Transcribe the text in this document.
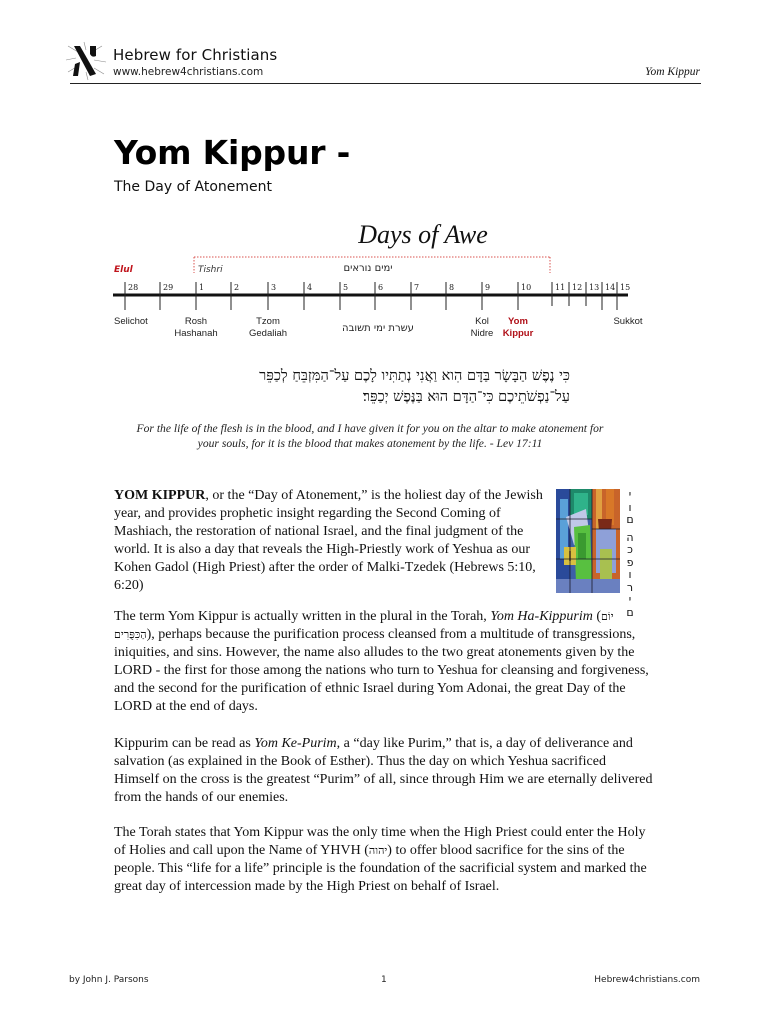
Hebrew for Christians
www.hebrew4christians.com	Yom Kippur
Yom Kippur -
The Day of Atonement
Days of Awe
28	29	1	2	3	4	5	6	7	8	9	10	11 12 13 14 15
Elul	Tishri	ימים נוראים
Selichot	Rosh
Hashanah
Tzom
Gedaliah
Kol
Nidre
Yom
Kippur
Sukkot
עשרת ימי תשובה
כִּי נֶפֶשׁ הַבָּשָׂר בַּדָּם הִוא וַאֲנִי נְתַתִּיו לָכֶם עַל־הַמִּזְבֵּחַ לְכַפֵּר
עַל־נַפְשֹׁתֵיכֶם כִּי־הַדָּם הוּא בַּנֶּפֶשׁ יְכַפֵּר׃
For the life of the flesh is in the blood, and I have given it for you on the altar to make atonement for
your souls, for it is the blood that makes atonement by the life. - Lev 17:11
YOM KIPPUR, or the “Day of Atonement,” is the holiest day of the Jewish year, and provides prophetic insight regarding the Second Coming of Mashiach, the restoration of national Israel, and the final judgment of the world. It is also a day that reveals the High-Priestly work of Yeshua as our Kohen Gadol (High Priest) after the order of Malki-Tzedek (Hebrews 5:10, 6:20)
י
ו
ם

ה
כ
פ
ו
ר
י
ם
The term Yom Kippur is actually written in the plural in the Torah, Yom Ha-Kippurim (יוֹם הַכִּפֻּרִים), perhaps because the purification process cleansed from a multitude of transgressions, iniquities, and sins. However, the name also alludes to the two great atonements given by the LORD - the first for those among the nations who turn to Yeshua for cleansing and forgiveness, and the second for the purification of ethnic Israel during Yom Adonai, the great Day of the LORD at the end of days.
Kippurim can be read as Yom Ke-Purim, a “day like Purim,” that is, a day of deliverance and salvation (as explained in the Book of Esther). Thus the day on which Yeshua sacrificed Himself on the cross is the greatest “Purim” of all, since through Him we are eternally delivered from the hands of our enemies.
The Torah states that Yom Kippur was the only time when the High Priest could enter the Holy of Holies and call upon the Name of YHVH (יהוה) to offer blood sacrifice for the sins of the people. This “life for a life” principle is the foundation of the sacrificial system and marked the great day of intercession made by the High Priest on behalf of Israel.
by John J. Parsons	1	Hebrew4christians.com
